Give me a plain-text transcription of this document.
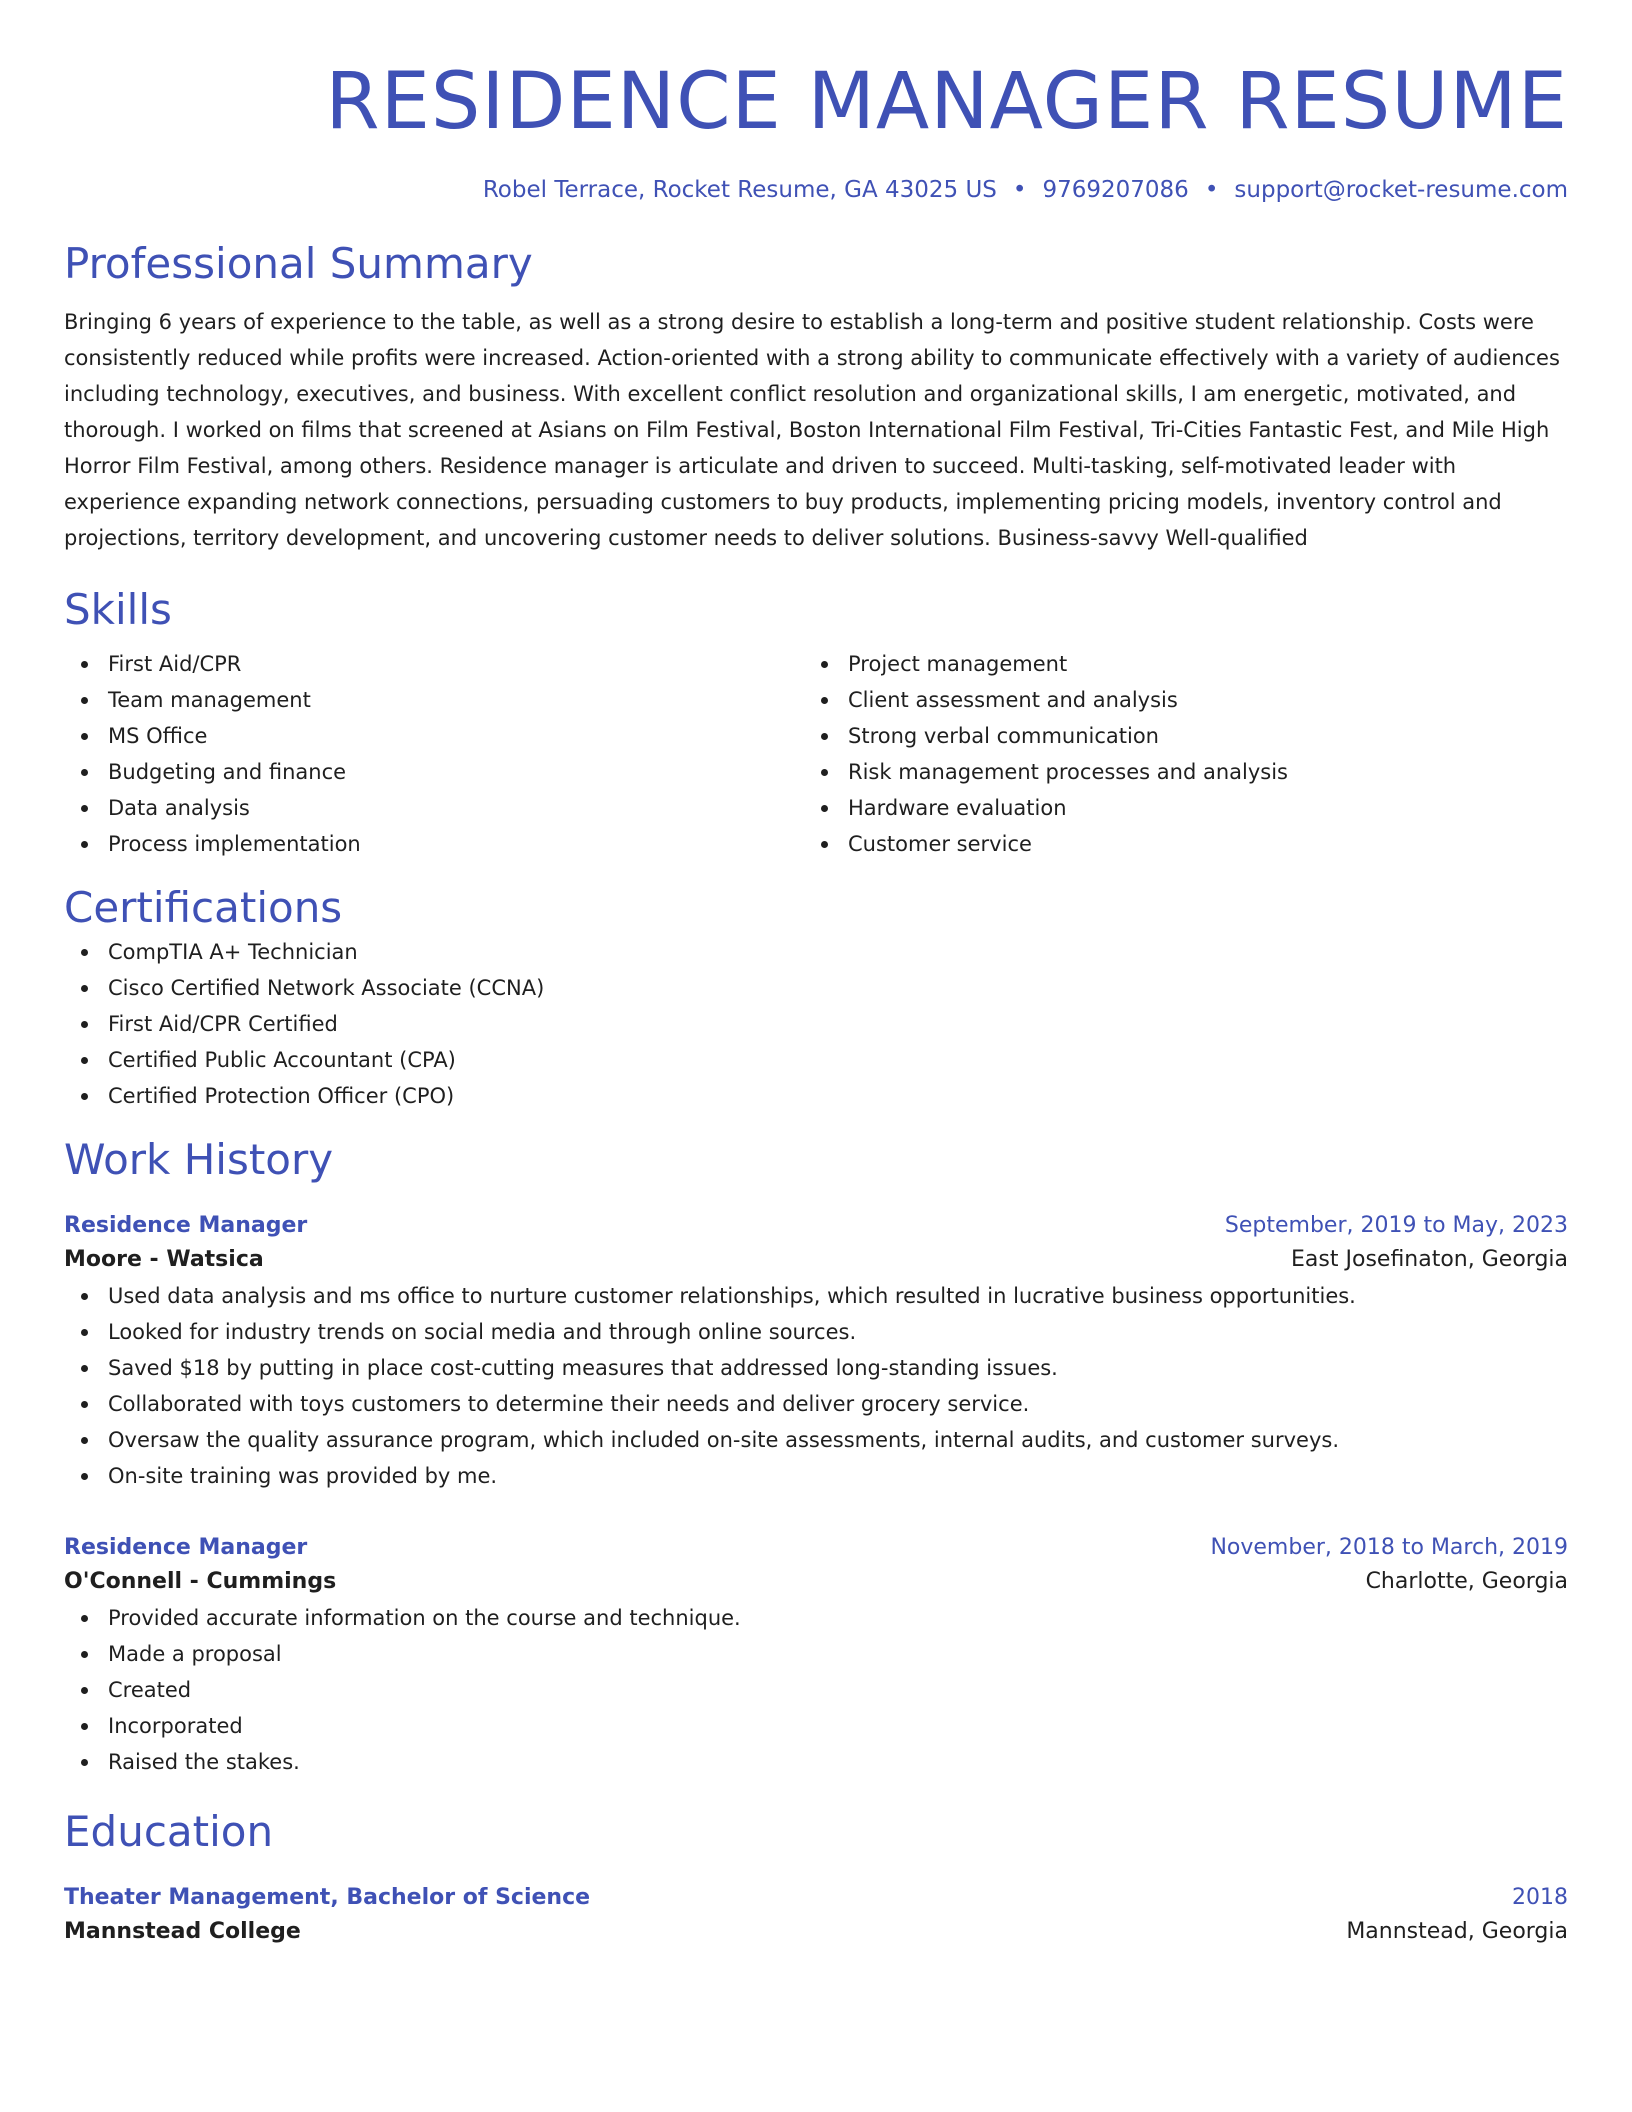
RESIDENCE MANAGER RESUME
Robel Terrace, Rocket Resume, GA 43025 US • 9769207086 • support@rocket-resume.com
Professional Summary

Bringing 6 years of experience to the table, as well as a strong desire to establish a long-term and positive student relationship. Costs were consistently reduced while profits were increased. Action-oriented with a strong ability to communicate effectively with a variety of audiences including technology, executives, and business. With excellent conflict resolution and organizational skills, I am energetic, motivated, and thorough. I worked on films that screened at Asians on Film Festival, Boston International Film Festival, Tri-Cities Fantastic Fest, and Mile High Horror Film Festival, among others. Residence manager is articulate and driven to succeed. Multi-tasking, self-motivated leader with experience expanding network connections, persuading customers to buy products, implementing pricing models, inventory control and projections, territory development, and uncovering customer needs to deliver solutions. Business-savvy Well-qualified

Skills
First Aid/CPR
Team management
MS Office
Budgeting and finance
Data analysis
Process implementation
Project management
Client assessment and analysis
Strong verbal communication
Risk management processes and analysis
Hardware evaluation
Customer service
Certifications
CompTIA A+ Technician
Cisco Certified Network Associate (CCNA)
First Aid/CPR Certified
Certified Public Accountant (CPA)
Certified Protection Officer (CPO)
Work History
Residence Manager	September, 2019 to May, 2023
Moore - Watsica	East Josefinaton, Georgia
Used data analysis and ms office to nurture customer relationships, which resulted in lucrative business opportunities.
Looked for industry trends on social media and through online sources.
Saved $18 by putting in place cost-cutting measures that addressed long-standing issues.
Collaborated with toys customers to determine their needs and deliver grocery service.
Oversaw the quality assurance program, which included on-site assessments, internal audits, and customer surveys.
On-site training was provided by me.
Residence Manager	November, 2018 to March, 2019
O'Connell - Cummings	Charlotte, Georgia
Provided accurate information on the course and technique.
Made a proposal
Created
Incorporated
Raised the stakes.
Education
Theater Management, Bachelor of Science	2018
Mannstead College	Mannstead, Georgia
